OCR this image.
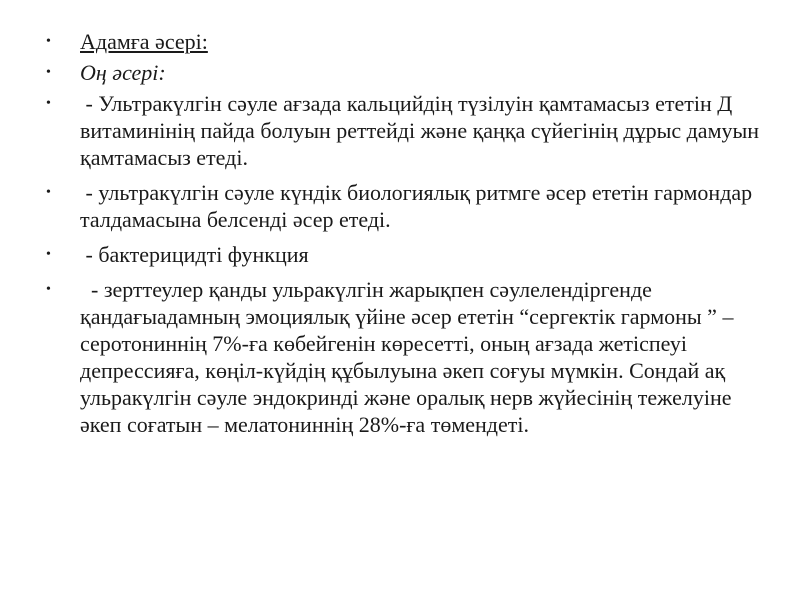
•	Адамға әсері:
•	Оң әсері:
•	- Ультракүлгін сәуле ағзада кальцийдің түзілуін қамтамасыз ететін Д витаминінің пайда болуын реттейді және қаңқа сүйегінің дұрыс дамуын қамтамасыз етеді.
•	- ультракүлгін сәуле күндік биологиялық ритмге әсер ететін гармондар талдамасына белсенді әсер етеді.
•	- бактерицидті функция
•	- зерттеулер қанды ульракүлгін жарықпен сәулелендіргенде қандағыадамның эмоциялық үйіне әсер ететін “сергектік гармоны ” – серотониннің 7%-ға көбейгенін көресетті, оның ағзада жетіспеуі депрессияға, көңіл-күйдің құбылуына әкеп соғуы мүмкін. Сондай ақ ульракүлгін сәуле эндокринді және оралық нерв жүйесінің тежелуіне әкеп соғатын – мелатониннің 28%-ға төмендеті.
